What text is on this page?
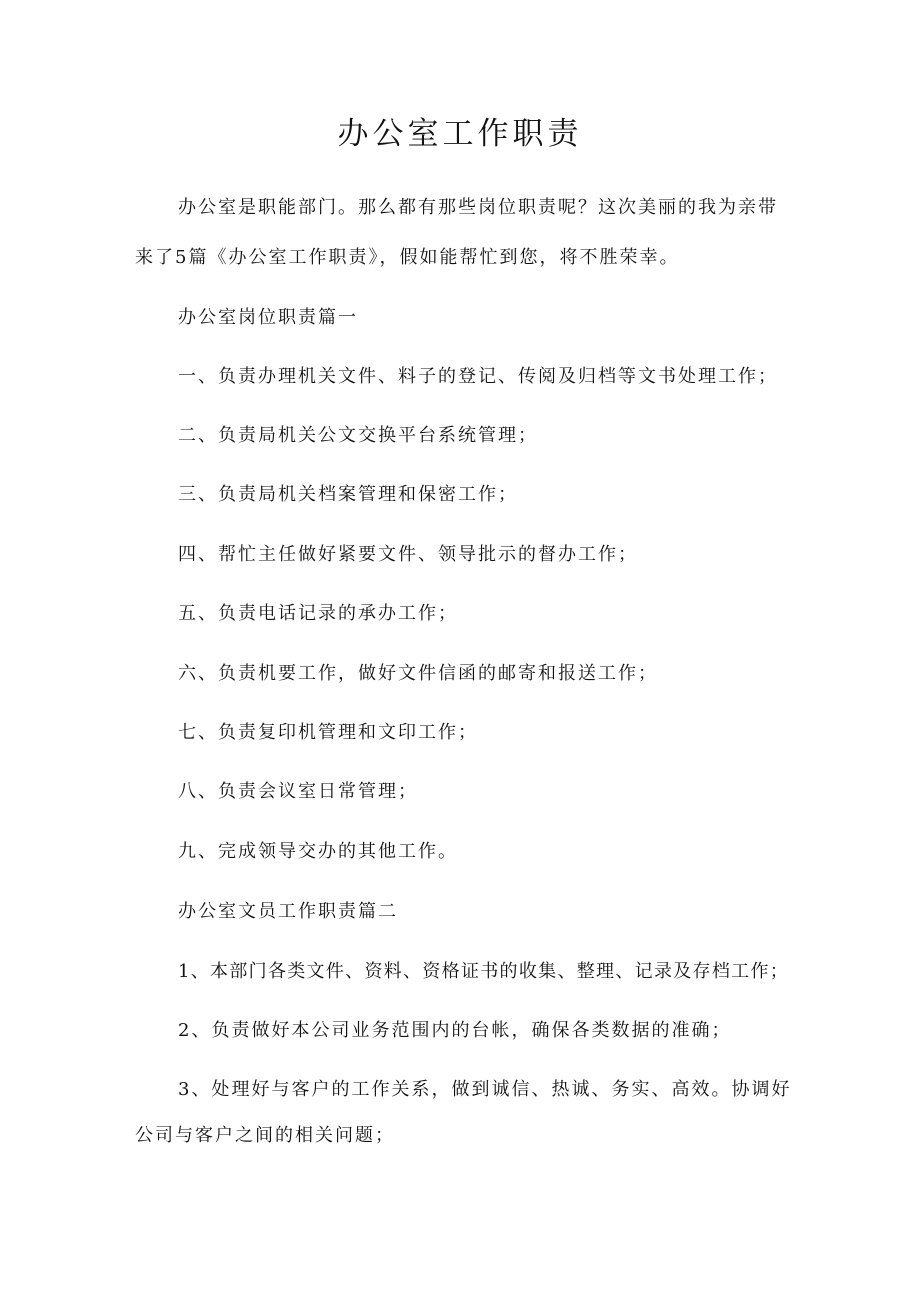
办公室工作职责

办公室是职能部门。那么都有那些岗位职责呢？这次美丽的我为亲带

来了5篇《办公室工作职责》，假如能帮忙到您，将不胜荣幸。

办公室岗位职责篇一

一、负责办理机关文件、料子的登记、传阅及归档等文书处理工作；

二、负责局机关公文交换平台系统管理；

三、负责局机关档案管理和保密工作；

四、帮忙主任做好紧要文件、领导批示的督办工作；

五、负责电话记录的承办工作；

六、负责机要工作，做好文件信函的邮寄和报送工作；

七、负责复印机管理和文印工作；

八、负责会议室日常管理；

九、完成领导交办的其他工作。

办公室文员工作职责篇二

1、本部门各类文件、资料、资格证书的收集、整理、记录及存档工作；

2、负责做好本公司业务范围内的台帐，确保各类数据的准确；

3、处理好与客户的工作关系，做到诚信、热诚、务实、高效。协调好

公司与客户之间的相关问题；
